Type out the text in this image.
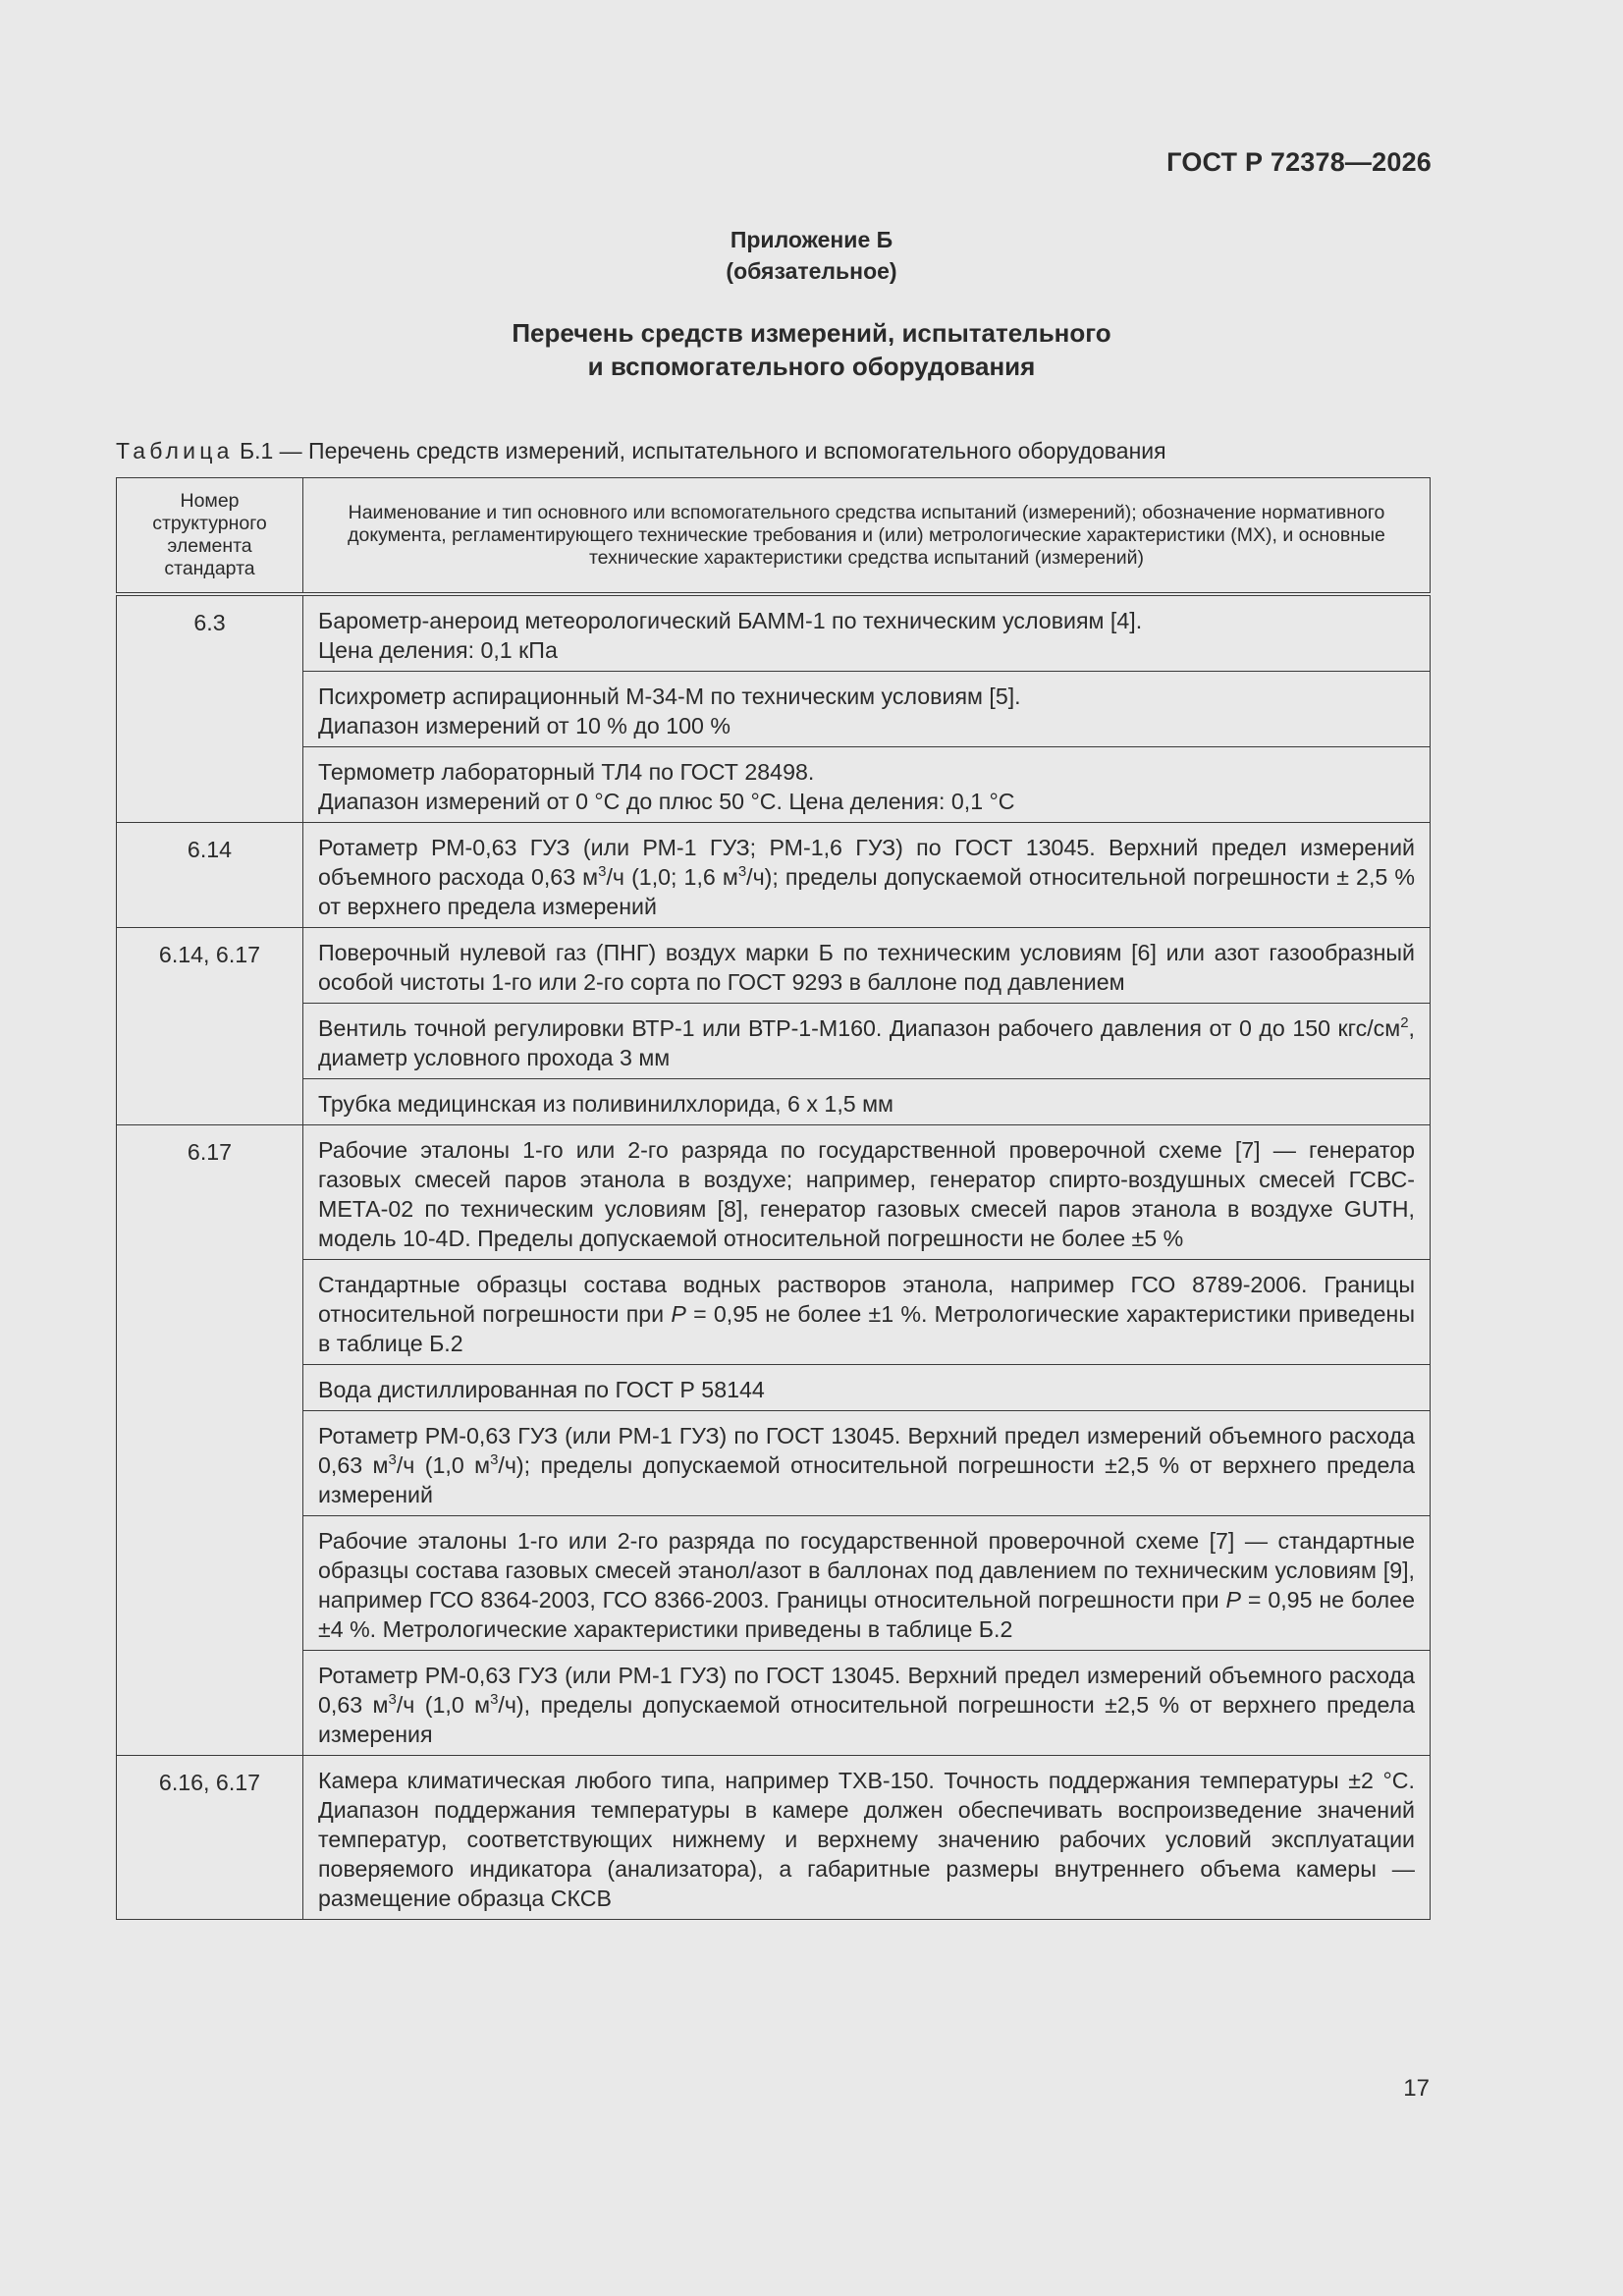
ГОСТ Р 72378—2026
Приложение Б
(обязательное)
Перечень средств измерений, испытательного
и вспомогательного оборудования
Таблица Б.1 — Перечень средств измерений, испытательного и вспомогательного оборудования
Номер структурного элемента стандарта	Наименование и тип основного или вспомогательного средства испытаний (измерений); обозначение нормативного документа, регламентирующего технические требования и (или) метрологические характеристики (МХ), и основные технические характеристики средства испытаний (измерений)
6.3	Барометр-анероид метеорологический БАММ-1 по техническим условиям [4].
Цена деления: 0,1 кПа

	Психрометр аспирационный М-34-М по техническим условиям [5].
Диапазон измерений от 10 % до 100 %

	Термометр лабораторный ТЛ4 по ГОСТ 28498.
Диапазон измерений от 0 °С до плюс 50 °С. Цена деления: 0,1 °С

6.14	Ротаметр РМ-0,63 ГУЗ (или РМ-1 ГУЗ; РМ-1,6 ГУЗ) по ГОСТ 13045. Верхний предел измерений объемного расхода 0,63 $м^3/ч$ (1,0; 1,6 $м^3/ч$); пределы допускаемой относительной погрешности ± 2,5 % от верхнего предела измерений
6.14, 6.17	Поверочный нулевой газ (ПНГ) воздух марки Б по техническим условиям [6] или азот газообразный особой чистоты 1-го или 2-го сорта по ГОСТ 9293 в баллоне под давлением
	Вентиль точной регулировки ВТР-1 или ВТР-1-М160. Диапазон рабочего давления от 0 до 150 кгс/$см^2$, диаметр условного прохода 3 мм
	Трубка медицинская из поливинилхлорида, 6 х 1,5 мм
6.17	Рабочие эталоны 1-го или 2-го разряда по государственной проверочной схеме [7] — генератор газовых смесей паров этанола в воздухе; например, генератор спирто-воздушных смесей ГСВС-МЕТА-02 по техническим условиям [8], генератор газовых смесей паров этанола в воздухе GUTH, модель 10-4D. Пределы допускаемой относительной погрешности не более ±5 %
	Стандартные образцы состава водных растворов этанола, например ГСО 8789-2006. Границы относительной погрешности при Р = 0,95 не более ±1 %. Метрологические характеристики приведены в таблице Б.2
	Вода дистиллированная по ГОСТ Р 58144
	Ротаметр РМ-0,63 ГУЗ (или РМ-1 ГУЗ) по ГОСТ 13045. Верхний предел измерений объемного расхода 0,63 $м^3/ч$ (1,0 $м^3/ч$); пределы допускаемой относительной погрешности ±2,5 % от верхнего предела измерений
	Рабочие эталоны 1-го или 2-го разряда по государственной проверочной схеме [7] — стандартные образцы состава газовых смесей этанол/азот в баллонах под давлением по техническим условиям [9], например ГСО 8364-2003, ГСО 8366-2003. Границы относительной погрешности при Р = 0,95 не более ±4 %. Метрологические характеристики приведены в таблице Б.2
	Ротаметр РМ-0,63 ГУЗ (или РМ-1 ГУЗ) по ГОСТ 13045. Верхний предел измерений объемного расхода 0,63 $м^3/ч$ (1,0 $м^3/ч$), пределы допускаемой относительной погрешности ±2,5 % от верхнего предела измерения
6.16, 6.17	Камера климатическая любого типа, например ТХВ-150. Точность поддержания температуры ±2 °С. Диапазон поддержания температуры в камере должен обеспечивать воспроизведение значений температур, соответствующих нижнему и верхнему значению рабочих условий эксплуатации поверяемого индикатора (анализатора), а габаритные размеры внутреннего объема камеры — размещение образца СКСВ
17
